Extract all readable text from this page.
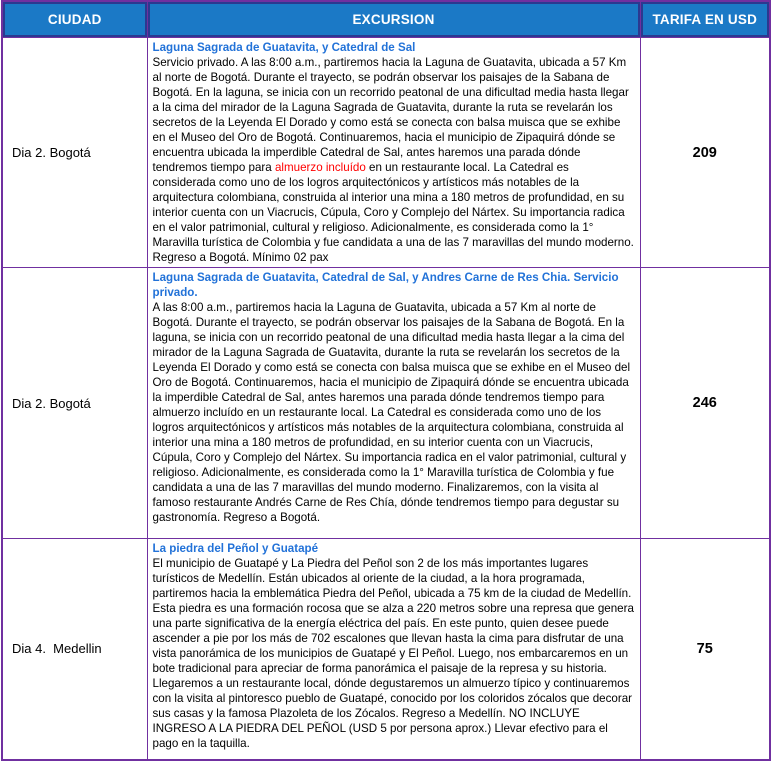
CIUDAD	EXCURSION	TARIFA EN USD
Dia 2. Bogotá	Laguna Sagrada de Guatavita, y Catedral de Sal
Servicio privado. A las 8:00 a.m., partiremos hacia la Laguna de Guatavita, ubicada a 57 Km al norte de Bogotá. Durante el trayecto, se podrán observar los paisajes de la Sabana de Bogotá. En la laguna, se inicia con un recorrido peatonal de una dificultad media hasta llegar a la cima del mirador de la Laguna Sagrada de Guatavita, durante la ruta se revelarán los secretos de la Leyenda El Dorado y como está se conecta con balsa muisca que se exhibe en el Museo del Oro de Bogotá. Continuaremos, hacia el municipio de Zipaquirá dónde se encuentra ubicada la imperdible Catedral de Sal, antes haremos una parada dónde tendremos tiempo para almuerzo incluído en un restaurante local. La Catedral es considerada como uno de los logros arquitectónicos y artísticos más notables de la arquitectura colombiana, construida al interior una mina a 180 metros de profundidad, en su interior cuenta con un Viacrucis, Cúpula, Coro y Complejo del Nártex. Su importancia radica en el valor patrimonial, cultural y religioso. Adicionalmente, es considerada como la 1° Maravilla turística de Colombia y fue candidata a una de las 7 maravillas del mundo moderno. Regreso a Bogotá. Mínimo 02 pax	209
Dia 2. Bogotá	Laguna Sagrada de Guatavita, Catedral de Sal, y Andres Carne de Res Chia. Servicio privado.
A las 8:00 a.m., partiremos hacia la Laguna de Guatavita, ubicada a 57 Km al norte de Bogotá. Durante el trayecto, se podrán observar los paisajes de la Sabana de Bogotá. En la laguna, se inicia con un recorrido peatonal de una dificultad media hasta llegar a la cima del mirador de la Laguna Sagrada de Guatavita, durante la ruta se revelarán los secretos de la Leyenda El Dorado y como está se conecta con balsa muisca que se exhibe en el Museo del Oro de Bogotá. Continuaremos, hacia el municipio de Zipaquirá dónde se encuentra ubicada la imperdible Catedral de Sal, antes haremos una parada dónde tendremos tiempo para almuerzo incluído en un restaurante local. La Catedral es considerada como uno de los logros arquitectónicos y artísticos más notables de la arquitectura colombiana, construida al interior una mina a 180 metros de profundidad, en su interior cuenta con un Viacrucis, Cúpula, Coro y Complejo del Nártex. Su importancia radica en el valor patrimonial, cultural y religioso. Adicionalmente, es considerada como la 1° Maravilla turística de Colombia y fue candidata a una de las 7 maravillas del mundo moderno. Finalizaremos, con la visita al famoso restaurante Andrés Carne de Res Chía, dónde tendremos tiempo para degustar su gastronomía. Regreso a Bogotá.	246
Dia 4.  Medellin	La piedra del Peñol y Guatapé
El municipio de Guatapé y La Piedra del Peñol son 2 de los más importantes lugares turísticos de Medellín. Están ubicados al oriente de la ciudad, a la hora programada, partiremos hacia la emblemática Piedra del Peñol, ubicada a 75 km de la ciudad de Medellín. Esta piedra es una formación rocosa que se alza a 220 metros sobre una represa que genera una parte significativa de la energía eléctrica del país. En este punto, quien desee puede ascender a pie por los más de 702 escalones que llevan hasta la cima para disfrutar de una vista panorámica de los municipios de Guatapé y El Peñol. Luego, nos embarcaremos en un bote tradicional para apreciar de forma panorámica el paisaje de la represa y su historia. Llegaremos a un restaurante local, dónde degustaremos un almuerzo típico y continuaremos con la visita al pintoresco pueblo de Guatapé, conocido por los coloridos zócalos que decorar sus casas y la famosa Plazoleta de los Zócalos. Regreso a Medellín. NO INCLUYE INGRESO A LA PIEDRA DEL PEÑOL (USD 5 por persona aprox.) Llevar efectivo para el pago en la taquilla.	75
